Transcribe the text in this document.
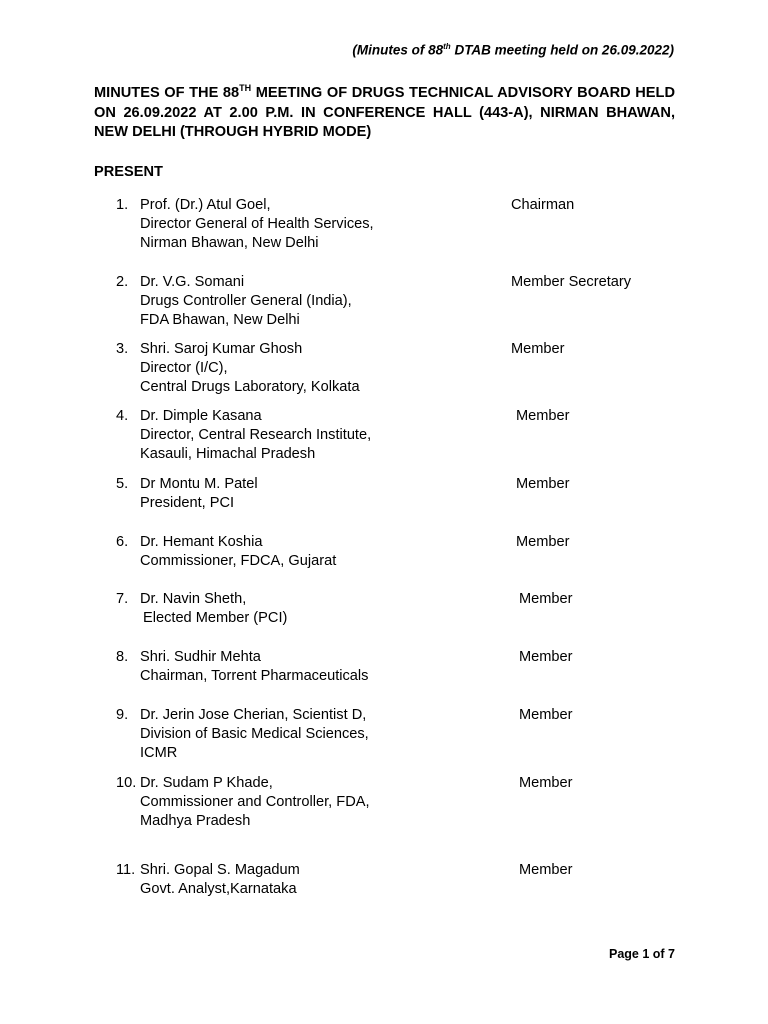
(Minutes of 88th DTAB meeting held on 26.09.2022)
MINUTES OF THE 88TH MEETING OF DRUGS TECHNICAL ADVISORY BOARD HELD ON 26.09.2022 AT 2.00 P.M. IN CONFERENCE HALL (443-A), NIRMAN BHAWAN, NEW DELHI (THROUGH HYBRID MODE)
PRESENT
1. Prof. (Dr.) Atul Goel,
Director General of Health Services,
Nirman Bhawan, New Delhi
Chairman
2. Dr. V.G. Somani
Drugs Controller General (India),
FDA Bhawan, New Delhi
Member Secretary
3. Shri. Saroj Kumar Ghosh
Director (I/C),
Central Drugs Laboratory, Kolkata
Member
4. Dr. Dimple Kasana
Director, Central Research Institute,
Kasauli, Himachal Pradesh
Member
5. Dr Montu M. Patel
President, PCI
Member
6. Dr. Hemant Koshia
Commissioner, FDCA, Gujarat
Member
7. Dr. Navin Sheth,
Elected Member (PCI)
Member
8. Shri. Sudhir Mehta
Chairman, Torrent Pharmaceuticals
Member
9. Dr. Jerin Jose Cherian, Scientist D,
Division of Basic Medical Sciences,
ICMR
Member
10. Dr. Sudam P Khade,
Commissioner and Controller, FDA,
Madhya Pradesh
Member
11. Shri. Gopal S. Magadum
Govt. Analyst,Karnataka
Member
Page 1 of 7
